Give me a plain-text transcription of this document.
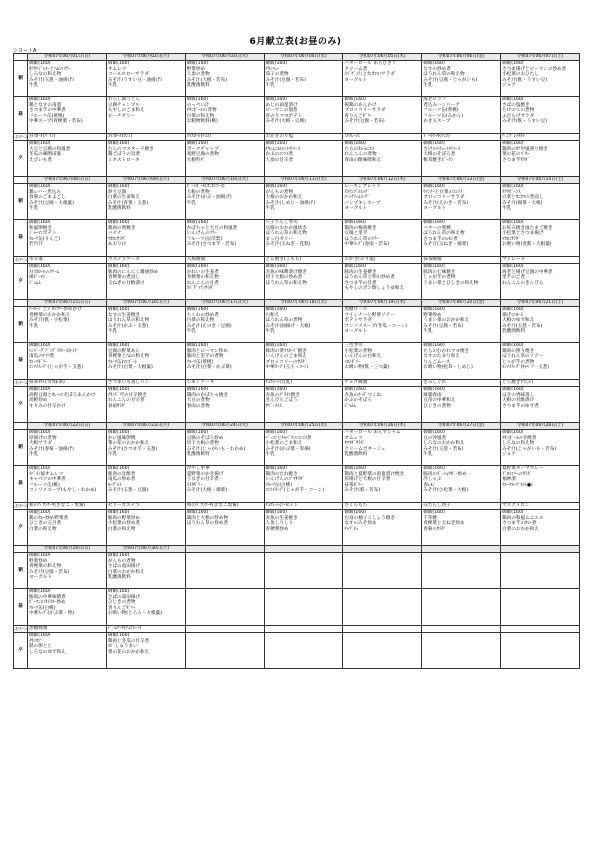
6月献立表(お昼のみ)
シヨートA
	令和07年06月01日(日)	令和07年06月02日(月)	令和07年06月03日(火)	令和07年06月04日(水)	令和07年06月05日(木)	令和07年06月06日(金)	令和07年06月07日(土)
朝	御飯(160)
ｶﾘｶﾘｼﾞｬｺｰとﾊﾑのｿﾃｰ
しろなの和え物
みそ汁(玉葱・油揚げ)
牛乳	御飯(160)
オムレツ
コールスローサラダ
みそ汁(うすい豆・油揚げ)
牛乳	御飯(160)
野菜炒め
人参の煮物
みそ汁(大根・若布)
乳酸菌飲料	御飯(160)
ﾁｷﾝﾊﾆｰ
茄子の煮物
みそ汁(豆腐・若布)
牛乳	バターロール あらびきソ
クリーム煮
ｽﾊﾟｹﾞｯﾃｨとｶﾆｶﾏのサラダ
ヨーグルト	御飯(160)
なすの炒め煮
ほうれん草の和え物
みそ汁(豆腐・じゃがいも)
牛乳	御飯(160)
さつま揚げとピーマンの炒め煮
小松菜のおひたし
みそ汁(麩・うすい豆)
ジョア

昼	御飯(160)
鶏となすの南蛮
さつま芋の中華煮
フルーツ缶(黄桃)
中華スープ(青梗菜・若布)	おろし鶏うどん
豆腐チャンプル
もやしのごま和え
ピーチゼリー	御飯(160)
のっぺい汁
ﾁｷﾝﾎﾞｰﾙの煮物
白菜の和え物
お粗物飲料(桃)	御飯(160)
あじの南蛮漬け
ピーマンの佃煮
青のりマヨポテト
みそ汁(大根・豆腐)	御飯(160)
揚鶏のあんかけ
ブロッコリーサラダ
青りんごｾﾞﾘｰ
みそ汁(豆腐・若布)	海老ピラフ
煮込みハンバーグ
フルーツ缶(黄桃)
フルーツ缶(みかん)
かき玉スープ	御飯(160)
さばの塩焼き
たけのこの煮物
ふだらけサラダ
みそ汁(麩・うすい豆)

おやつ	ｽｲｽﾛｰﾙ(ﾊﾟｲﾝ)	ｽｲｽﾛｰﾙ(ｶﾝﾐ)	ｽｲｽﾛｰﾙ(ﾁｮｺ)	おかきのり塩	ﾐﾙｸﾚｰﾒﾝ	ﾄﾞｰﾙｹｰｷ(ﾁｮｺ)	ﾊﾟﾝﾌﾟﾚｯﾀﾙﾄ
夕	御飯(160)
大豆と豆腐の和風煮
冬瓜の味噌田楽
えびいも煮	御飯(160)
たらのマスタード焼き
鶏ごぼうの旨煮
ミネストローネ	御飯(160)
ポークチャップ
高野豆腐の煮物
大根ｻﾗﾀﾞ	御飯(160)
ﾁｷﾝﾑﾆｴﾙのﾄﾏﾄｿｰｽ
かぶのｺﾝｿﾒ煮
人参の甘辛煮	御飯(160)
たらのｶﾚｰﾑﾆｴﾙ
れんこんの煮物
春雨の酢味噌和え	御飯(160)
さけのｼﾁｭｰﾄﾏﾄｿｰｽ
大根のそぼろ煮
椎茸焼きﾋﾞｰﾌﾝ	御飯(160)
鶏肉のｶﾘｶﾘ風照り焼き
菜の花のﾊﾞﾀｰ
さつま芋ｻﾗﾀﾞ

	令和07年06月08日(日)	令和07年06月09日(月)	令和07年06月10日(火)	令和07年06月11日(水)	令和07年06月12日(木)	令和07年06月13日(金)	令和07年06月14日(土)
朝	御飯(160)
鶏レバー煮込み
春菊のごまよごし
みそ汁(豆腐・大根葉)
牛乳	御飯(160)
炒り豆腐
白菜の生姜和え
みそ汁(青菜・玉葱)
乳酸菌飲料	ﾋﾟｰﾄﾎﾞｰﾙ(ｵﾆｵﾝｿｰｽ)
大根の煮物
みそ汁(かぶ・油揚げ)
牛乳	御飯(160)
がんもの煮物
大根のおかか和え
みそ汁(しめじ・油揚げ)
牛乳	レーズンブレッド
ｽｸﾗﾝﾌﾞﾙｴｯｸﾞ
ｺｰﾝｸﾘｰﾑｽｰﾌﾟ
バンプキンスープ
ヨーグルト	御飯(160)
ｳｲﾝﾅｰと白菜のｺﾝｿﾒ
ブロッコリーサラダ
みそ汁(えのき・若布)
ヨーグルト	御飯(160)
ﾁｸﾜﾋﾞｰﾝｽ
白菜とｶﾆｶﾏの煮浸し
みそ汁(揚菜・大根)
牛乳

昼	御飯(160)
和風卵焼き
ｼﾞｬｰﾏﾝポテト
ﾌﾙｰﾂ缶(りんご)
若竹汁	御飯(160)
鶏肉の照焼き
バナナ
ﾏｶﾛﾆｻﾗﾀﾞ
あおりけ	御飯(160)
かぼちゃと大豆の和風煮
いんげんのｿﾃｰ
フルーツ缶(洋梨)
みそ汁(さつま芋・若布)	穴子ちらし寿司
豆腐のおかか風炊き
ほうれん草の和え物
まっ白ゼリー
みそ汁(玉ねぎ・花麩)	御飯(160)
鶏肉の梅肉焼き
豆腐と里芋
ほうれん草のｿﾃｰ
中華ｽｰﾌﾟ(春雨・若布)	御飯(160)
バターの照焼
ほうれん草の和え物
さつま芋のﾚﾓﾝ煮
みそ汁(玉ねぎ・揚菜)	御飯(160)
お好み焼き風たまご焼き
小松菜とさつま揚げ
ﾏｶﾛﾆｻﾗﾀﾞ
お吸い物(麦麩・大根葉)

おやつ	水羊羹	カステラケーキ	入梅饅頭	どら焼き(こもも)	おかき(のり塩)	抹茶饅頭	マドレーヌ
夕	御飯(160)
ｽｲｽｽﾛｰﾙのｸﾘｰﾑ
揚ﾋﾟｰﾏﾝ
ｼﾞｭﾑﾑ	御飯(160)
豚肉のにんにく醤油炒め
青梗菜の煮浸し
玉ねぎの甘酢漬け	御飯(160)
かれいの生姜煮
青梗菜の和え物
れんこんの甘煮
ｽﾊﾟｹﾞｯﾃｨｻﾗﾀﾞ	御飯(160)
赤魚の味噌漬け焼き
切干大根の炒め煮
ほうれん草の和え物	御飯(160)
豚肉の生姜焼き
ほうれん草と卵の炒め煮
さつま芋の甘煮
もやしのポン酢しょうゆ和え	御飯(160)
豚肉の七味焼き
じゃが芋の煮物
うまい菜とひじきの和え物	御飯(160)
海老と揚げ豆腐の中華煮
里芋のご煮
れんこんのきんぴら

	令和07年06月15日(日)	令和07年06月16日(月)	令和07年06月17日(火)	令和07年06月18日(水)	令和07年06月19日(木)	令和07年06月20日(金)	令和07年06月21日(土)
朝	ｿｰｾｰｼﾞとﾌﾞﾛｯｸﾘｰ炒めかけ
青梗菜のおかか和え
みそ汁(麩・小松菜)
牛乳	御飯(160)
なすの生姜焼き
ほうれん草の和え物
みそ汁(かぶ・玉葱)
牛乳	御飯(160)
ちくわの炒め煮
白菜の和え物
みそ汁(えのき・豆腐)
牛乳	御飯(160)
白和え
ほうれん草の煮物
みそ汁(油揚げ・大根)
牛乳	黒糖ロール
ウインナーと野菜ソテー
ポテトサラダ
コンソメスープ(冬瓜・コーン)
ヨーグルト	御飯(160)
野菜炒め
うまい菜のおかか和え
みそ汁(豆腐・若布)
牛乳	御飯(160)
揚げのﾛｰｽ
大根のゆず和え
みそ汁(玉葱・若布)
乳酸菌飲料

昼	御飯(160)
ﾊﾝﾊﾞｰｸﾞﾃﾞﾐｸﾞﾗｽｿｰｽかけ
南瓜のﾅｯﾂ煮
ﾌﾙｰﾂｾﾞﾘｰ
ｺﾝｿﾒｽｰﾌﾟ(じゃが芋・玉葱)	御飯(160)
豆腐の野菜あん
青梗菜とﾊﾑの和え物
ﾌﾙｰﾂ缶(ﾏﾝｺﾞｰ)
みそ汁(白菜・大根葉)	御飯(160)
豚肉とピーマン炒め
豚肉と里芋の煮物
ﾌﾙｰﾂ缶(黄桃)
みそ汁(白菜・かぶ菜)	御飯(160)
豚肉の黄ﾏｽﾀｰﾄﾞ焼き
いんげんのごま和え
ブロッコリーのｻﾗﾀﾞ
中華ｽｰﾌﾟ(玉子・ｺｰﾝ)	三色寿司
小松菜の煮物
いんげんの白和え
ﾒﾛﾝｾﾞﾘｰ
お吸い物(麩・三つ葉)	御飯(160)
たらのむかれマヨ焼き
なすのたまり和え
りんごムース
お吸い物(松茸・しめじ)	御飯(160)
鶏肉の照り焼き
ほうれん草のソテー
じゃが芋の煮物
ｺﾝｿﾒｽｰﾌﾟ(ｷｬﾍﾞﾂ・玉葱)

おやつ	抹茶ﾀﾙﾄ(ﾐﾙｸ抹茶)	さつまいも蒸しパン	レモンケーキ	ﾁｮｺﾚｰﾄ(豆乳)	チョコ饅頭	きみしぐれ	どら焼き(つぶ)
夕	御飯(160)
高野豆腐とｶﾚｰのそぼろあんかけ
高野炒め
すりみの甘辛かけ	御飯(160)
ﾁｷﾝﾄﾞﾘｱの甘辛焼き
れんこんの甘辛煮
春雨ｻﾗﾀﾞ	御飯(160)
鶏肉のかぼちゃ焼き
大豆の煮物
春雨の煮物	御飯(160)
赤魚のｸﾞﾗﾀﾝ焼き
きんぴらごぼう
ｻﾊﾞｰﾗｲｽ	御飯(160)
赤魚のﾁｰｽﾞつくね
かぶのそぼろ
ｼﾞｬﾑﾑ	御飯(160)
麻婆春雨
豆苗の中華和え
ひじきの煮物	御飯(160)
ほきの香味蒸し
大根の甘酢漬け
さつま芋のゆず煮

	令和07年06月22日(日)	令和07年06月23日(月)	令和07年06月24日(火)	令和07年06月25日(水)	令和07年06月26日(木)	令和07年06月27日(金)	令和07年06月28日(土)
朝	御飯(160)
厚揚げの煮物
大根サラダ
みそ汁(春菊・油揚げ)
牛乳	御飯(160)
かに風味卵焼
菜の花のおかか和え
みそ汁(さつま芋・玉葱)
牛乳	御飯(160)
豆腐のそぼろ炒め
切干大根の煮物
みそ汁(じゃがいも・わかめ)
乳酸菌飲料	御飯(160)
ﾍﾞｰｺﾝとｷｬﾍﾞﾂのｺﾝｿﾒ煮
小松菜のごま和え
みそ汁(かぶ菜・厚揚)
牛乳	バターロール あんずジャム
オムレツ
ﾀﾏﾈｷﾞｻﾗﾀﾞ
クリームポタージュ
乳酸菌飲料	御飯(160)
豆の沖風煮
しろなのおかか和え
みそ汁(玉葱・若布)
牛乳	御飯(160)
ﾁｷﾝﾎﾞｰﾙの甘酢煮
しろなの和え物
みそ汁(じゃがいも・若布)
ジョア

昼	御飯(160)
ｽﾍﾟｲﾝ風オムレツ
キャベツの中華煮
フルーツ缶(桃)
コンソメスープ(もやし・わかめ)	御飯(160)
豚肉の甘酢煮
南瓜の炒め煮
ﾖｰｸﾞﾙﾄ
みそ汁(玉葱・豆腐)	冷やし中華
夏野菜のかき揚げ
うなぎの甘辛煮
ｽｲｶｾﾞﾘｰ
みそ汁(大根・畑菜)	御飯(160)
鶏肉のたれ焼き
いんげんのｺﾞﾏｻﾗﾀﾞ
ﾌﾙｰﾂ缶(白桃)
ｺﾝｿﾒｽｰﾌﾟ(じゃが芋・コーン)	御飯(160)
鶏肉と夏野菜の南蛮漬け焼き
厚揚げと大根の甘辛煮
抹茶ｾﾞﾘｰ
みそ汁(麩・若布)	御飯(160)
豚肉のｽﾞｰｼｮｳｶﾞｰ炒め
冷しゃぶ
春ﾚﾓﾝ
みそ汁(小松菜・大根)	夏野菜キーマカレー
ﾌﾞﾛｯｺﾘｰのｻﾗﾀﾞ
福神漬
ﾌﾙｰﾂﾖｰｸﾞﾙﾄ(●)

おやつ	和のﾊﾟｳﾝｹｰｷ(きなこ・黒蜜)	ゼリーカステラ	和のﾊﾟｳﾝｹｰｷ(きなこ黒蜜)	ﾁｮｺﾚｰﾄ(ｱｰﾓﾝﾄﾞ)	さくらもち	みたらし団子	マスクメロン
夕	御飯(160)
鶏のｶﾚｰ炒め野菜煮
ひじきの五目煮
白菜の和え物	御飯(160)
豚肉の野菜炒め
小松菜の炒め煮
白菜の和え物	御飯(160)
鶏肉と大根の炒め物
ほうれん草の炒め煮	御飯(160)
赤魚の生姜焼き
人参しりしり
青梗菜炒め	御飯(160)
白身の柚子こしょう焼き
なすのみそ炒め
ﾁｬﾌﾟﾁｪ	御飯(160)
千草焼
青梗菜と玉ねぎ炒め
春菊のｻﾗﾀﾞ	御飯(160)
鶏肉の和風ムニエル
さつま芋のｶﾚｰ煮
白菜のおかか和え

	令和07年06月29日(日)	令和07年06月30日(月)					
朝	御飯(160)
野菜炒め
青梗菜の和え物
みそ汁(豆腐・若布)
ヨーグルト	御飯(160)
がんもの煮物
さばの竜田揚げ
白菜のおかか和え
乳酸菌飲料					

昼	御飯(160)
豚肉の中華味噌煮
ﾋﾟｰﾏﾝのｵｲｽﾀｰ炒め
ﾌﾙｰﾂ缶(白桃)
中華ｽｰﾌﾟ(かぶ菜・卵)	御飯(160)
さばの竜田揚げ
ひじきの煮物
青りんごｾﾞﾘｰ
お吸い物(とろろ・大根葉)					

おやつ	黒糖饅頭	ﾄﾞｰﾑｹｰｷ(ﾁｮｺﾚｰﾄ)					
夕	御飯(160)
ﾁｷﾝｶﾂ
麩の卵とじ
しろなのゆず和え	御飯(160)
鶏肉と冬瓜の甘辛煮
ｴﾋﾞしゅうまい
菜の花のおかか和え					
